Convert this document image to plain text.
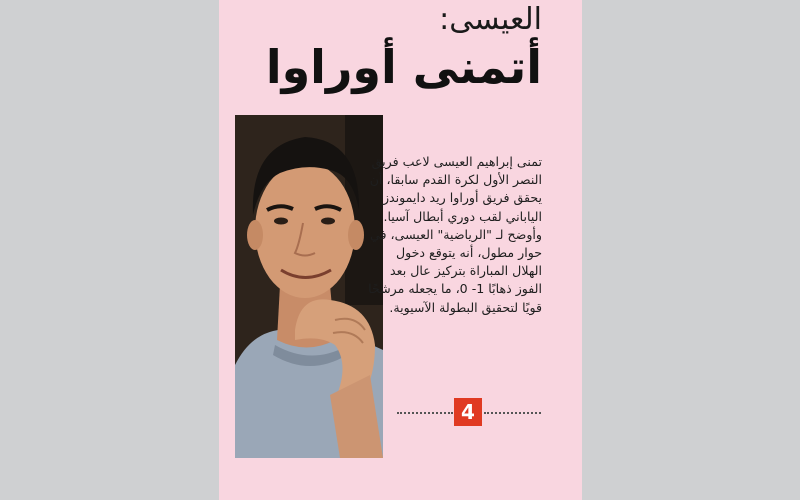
العيسى:
أتمنى أوراوا

تمنى إبراهيم العيسى لاعب فريق النصر الأول لكرة القدم سابقا، أن يحقق فريق أوراوا ريد دايموندز الياباني لقب دوري أبطال آسيا.

وأوضح لـ "الرياضية" العيسى، في حوار مطول، أنه يتوقع دخول الهلال المباراة بتركيز عال بعد الفوز ذهابًا 1- 0، ما يجعله مرشحًا قويًا لتحقيق البطولة الآسيوية.

4
